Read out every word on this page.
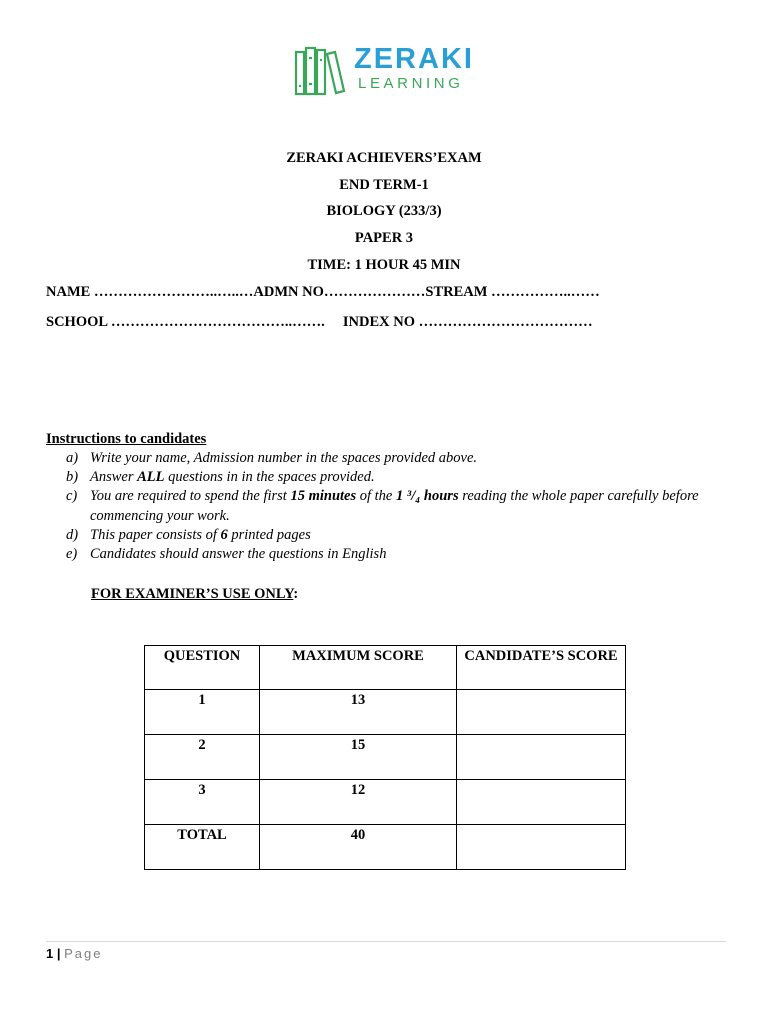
ZERAKI
LEARNING
ZERAKI ACHIEVERS’EXAM
END TERM-1
BIOLOGY (233/3)
PAPER 3
TIME: 1 HOUR 45 MIN
NAME ……………………..…..…ADMN NO…………………STREAM ……………..……
SCHOOL ………………………………..…….     INDEX NO ………………………………
Instructions to candidates
a) Write your name, Admission number in the spaces provided above.
b) Answer ALL questions in in the spaces provided.
c) You are required to spend the first 15 minutes of the 1 ³/₄ hours reading the whole paper carefully before commencing your work.
d) This paper consists of 6 printed pages
e) Candidates should answer the questions in English
FOR EXAMINER’S USE ONLY:
QUESTION	MAXIMUM SCORE	CANDIDATE’S SCORE
1	13	
2	15	
3	12	
TOTAL	40	
1 | Page
